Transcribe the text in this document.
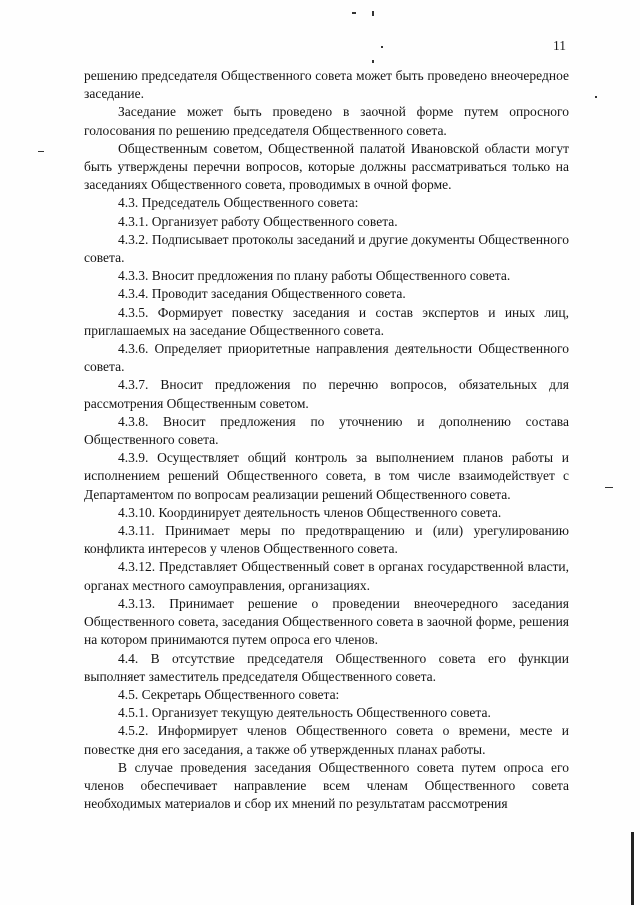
11

решению председателя Общественного совета может быть проведено внеочередное заседание.

Заседание может быть проведено в заочной форме путем опросного голосования по решению председателя Общественного совета.

Общественным советом, Общественной палатой Ивановской области могут быть утверждены перечни вопросов, которые должны рассматриваться только на заседаниях Общественного совета, проводимых в очной форме.

4.3. Председатель Общественного совета:

4.3.1. Организует работу Общественного совета.

4.3.2. Подписывает протоколы заседаний и другие документы Общественного совета.

4.3.3. Вносит предложения по плану работы Общественного совета.

4.3.4. Проводит заседания Общественного совета.

4.3.5. Формирует повестку заседания и состав экспертов и иных лиц, приглашаемых на заседание Общественного совета.

4.3.6. Определяет приоритетные направления деятельности Общественного совета.

4.3.7. Вносит предложения по перечню вопросов, обязательных для рассмотрения Общественным советом.

4.3.8. Вносит предложения по уточнению и дополнению состава Общественного совета.

4.3.9. Осуществляет общий контроль за выполнением планов работы и исполнением решений Общественного совета, в том числе взаимодействует с Департаментом по вопросам реализации решений Общественного совета.

4.3.10. Координирует деятельность членов Общественного совета.

4.3.11. Принимает меры по предотвращению и (или) урегулированию конфликта интересов у членов Общественного совета.

4.3.12. Представляет Общественный совет в органах государственной власти, органах местного самоуправления, организациях.

4.3.13. Принимает решение о проведении внеочередного заседания Общественного совета, заседания Общественного совета в заочной форме, решения на котором принимаются путем опроса его членов.

4.4. В отсутствие председателя Общественного совета его функции выполняет заместитель председателя Общественного совета.

4.5. Секретарь Общественного совета:

4.5.1. Организует текущую деятельность Общественного совета.

4.5.2. Информирует членов Общественного совета о времени, месте и повестке дня его заседания, а также об утвержденных планах работы.

В случае проведения заседания Общественного совета путем опроса его членов обеспечивает направление всем членам Общественного совета необходимых материалов и сбор их мнений по результатам рассмотрения
